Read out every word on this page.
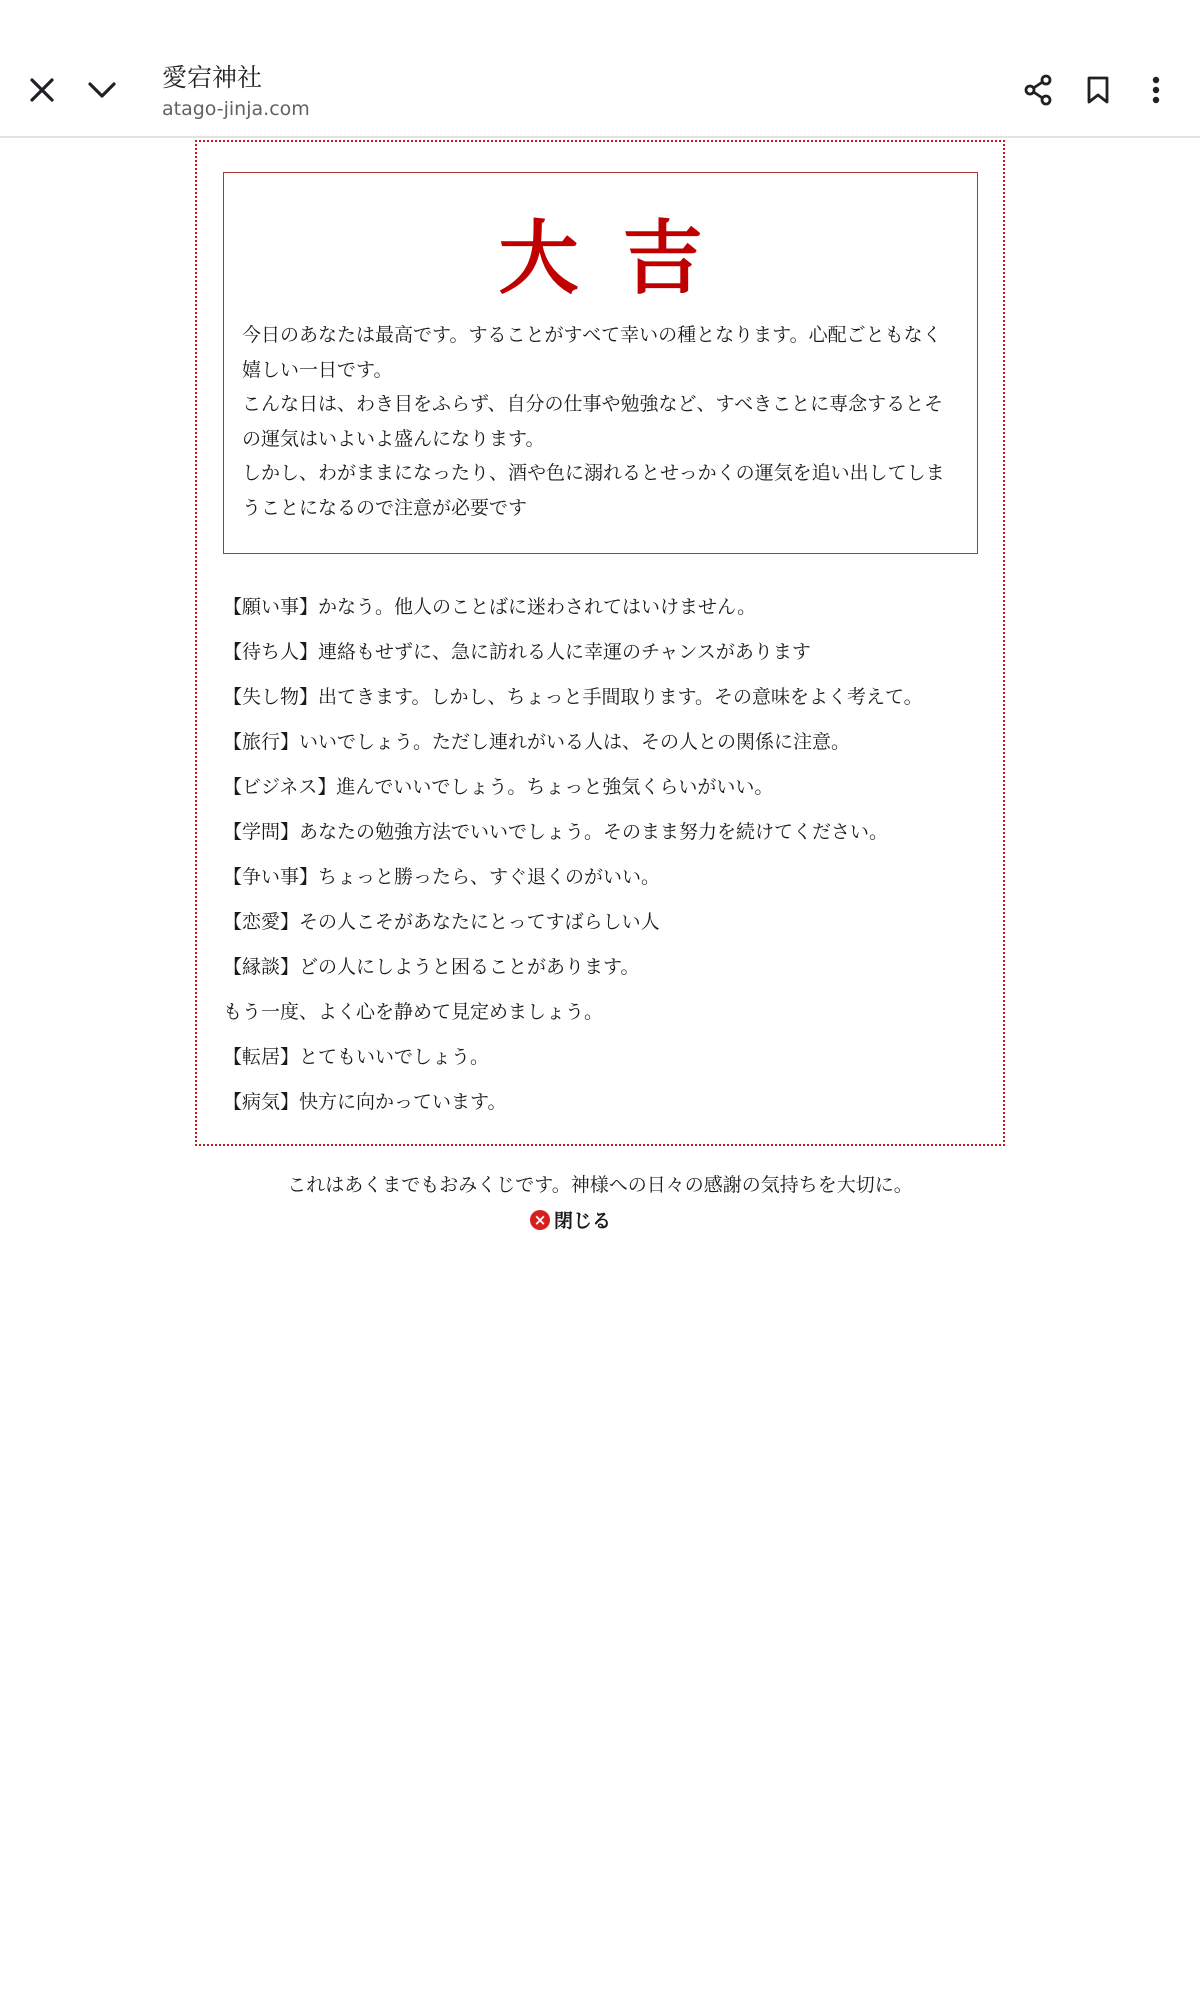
愛宕神社
atago-jinja.com
大吉
今日のあなたは最高です。することがすべて幸いの種となります。心配ごともなく
嬉しい一日です。
こんな日は、わき目をふらず、自分の仕事や勉強など、すべきことに専念するとそ
の運気はいよいよ盛んになります。
しかし、わがままになったり、酒や色に溺れるとせっかくの運気を追い出してしま
うことになるので注意が必要です
【願い事】かなう。他人のことばに迷わされてはいけません。
【待ち人】連絡もせずに、急に訪れる人に幸運のチャンスがあります
【失し物】出てきます。しかし、ちょっと手間取ります。その意味をよく考えて。
【旅行】いいでしょう。ただし連れがいる人は、その人との関係に注意。
【ビジネス】進んでいいでしょう。ちょっと強気くらいがいい。
【学問】あなたの勉強方法でいいでしょう。そのまま努力を続けてください。
【争い事】ちょっと勝ったら、すぐ退くのがいい。
【恋愛】その人こそがあなたにとってすばらしい人
【縁談】どの人にしようと困ることがあります。
もう一度、よく心を静めて見定めましょう。
【転居】とてもいいでしょう。
【病気】快方に向かっています。
これはあくまでもおみくじです。神様への日々の感謝の気持ちを大切に。
× 閉じる
